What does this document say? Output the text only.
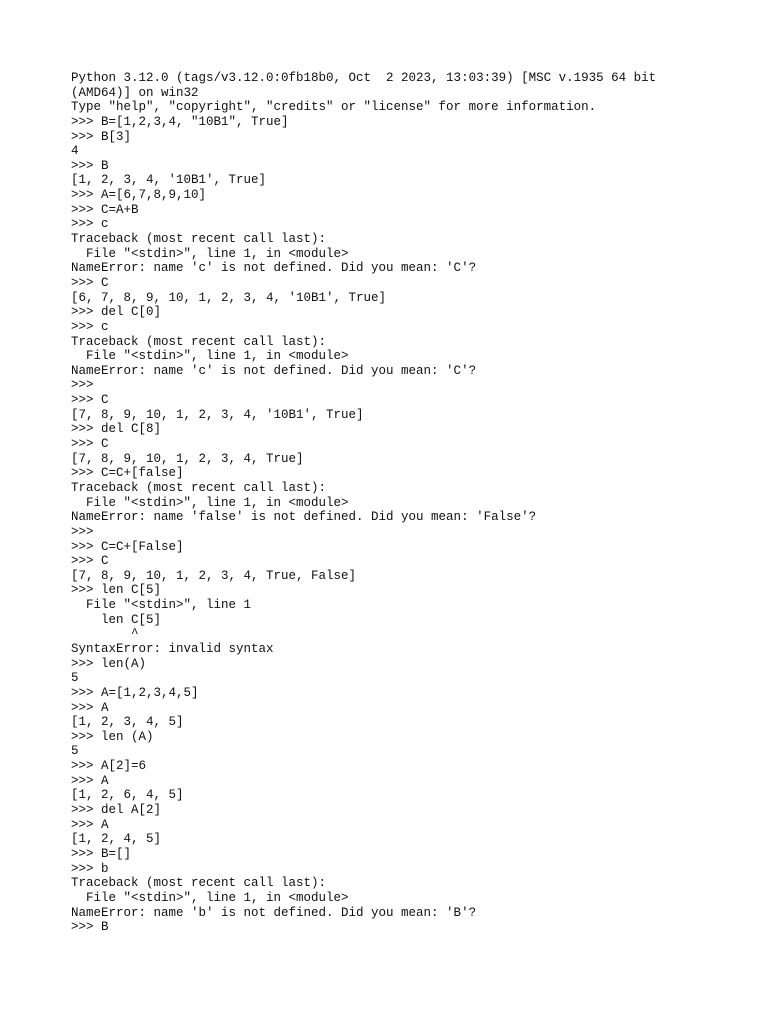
Python 3.12.0 (tags/v3.12.0:0fb18b0, Oct  2 2023, 13:03:39) [MSC v.1935 64 bit
(AMD64)] on win32
Type "help", "copyright", "credits" or "license" for more information.
>>> B=[1,2,3,4, "10B1", True]
>>> B[3]
4
>>> B
[1, 2, 3, 4, '10B1', True]
>>> A=[6,7,8,9,10]
>>> C=A+B
>>> c
Traceback (most recent call last):
File "<stdin>", line 1, in <module>
NameError: name 'c' is not defined. Did you mean: 'C'?
>>> C
[6, 7, 8, 9, 10, 1, 2, 3, 4, '10B1', True]
>>> del C[0]
>>> c
Traceback (most recent call last):
File "<stdin>", line 1, in <module>
NameError: name 'c' is not defined. Did you mean: 'C'?
>>>
>>> C
[7, 8, 9, 10, 1, 2, 3, 4, '10B1', True]
>>> del C[8]
>>> C
[7, 8, 9, 10, 1, 2, 3, 4, True]
>>> C=C+[false]
Traceback (most recent call last):
File "<stdin>", line 1, in <module>
NameError: name 'false' is not defined. Did you mean: 'False'?
>>>
>>> C=C+[False]
>>> C
[7, 8, 9, 10, 1, 2, 3, 4, True, False]
>>> len C[5]
File "<stdin>", line 1
len C[5]
^
SyntaxError: invalid syntax
>>> len(A)
5
>>> A=[1,2,3,4,5]
>>> A
[1, 2, 3, 4, 5]
>>> len (A)
5
>>> A[2]=6
>>> A
[1, 2, 6, 4, 5]
>>> del A[2]
>>> A
[1, 2, 4, 5]
>>> B=[]
>>> b
Traceback (most recent call last):
File "<stdin>", line 1, in <module>
NameError: name 'b' is not defined. Did you mean: 'B'?
>>> B
